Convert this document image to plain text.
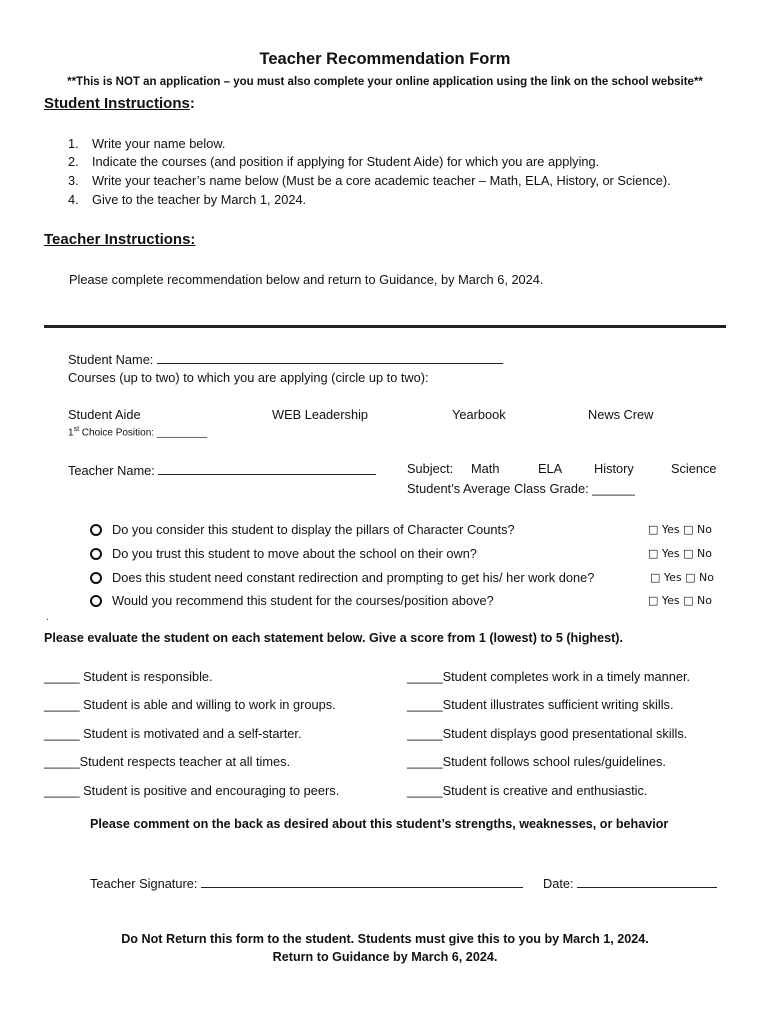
Teacher Recommendation Form
**This is NOT an application – you must also complete your online application using the link on the school website**
Student Instructions:
1. Write your name below.
2. Indicate the courses (and position if applying for Student Aide) for which you are applying.
3. Write your teacher’s name below (Must be a core academic teacher – Math, ELA, History, or Science).
4. Give to the teacher by March 1, 2024.
Teacher Instructions:
Please complete recommendation below and return to Guidance, by March 6, 2024.
Student Name:
Courses (up to two) to which you are applying (circle up to two):
Student Aide	WEB Leadership	Yearbook	News Crew
1st Choice Position: _________
Teacher Name:	Subject: Math	ELA History	Science
Student’s Average Class Grade: ______
Do you consider this student to display the pillars of Character Counts?	□ Yes □ No
Do you trust this student to move about the school on their own?	□ Yes □ No
Does this student need constant redirection and prompting to get his/ her work done?	□ Yes □ No
Would you recommend this student for the courses/position above?	□ Yes □ No
.
Please evaluate the student on each statement below. Give a score from 1 (lowest) to 5 (highest).
_____ Student is responsible.
_____ Student is able and willing to work in groups.
_____ Student is motivated and a self-starter.
_____Student respects teacher at all times.
_____ Student is positive and encouraging to peers.
_____Student completes work in a timely manner.
_____Student illustrates sufficient writing skills.
_____Student displays good presentational skills.
_____Student follows school rules/guidelines.
_____Student is creative and enthusiastic.
Please comment on the back as desired about this student’s strengths, weaknesses, or behavior
Teacher Signature:	Date:
Do Not Return this form to the student. Students must give this to you by March 1, 2024.
Return to Guidance by March 6, 2024.
